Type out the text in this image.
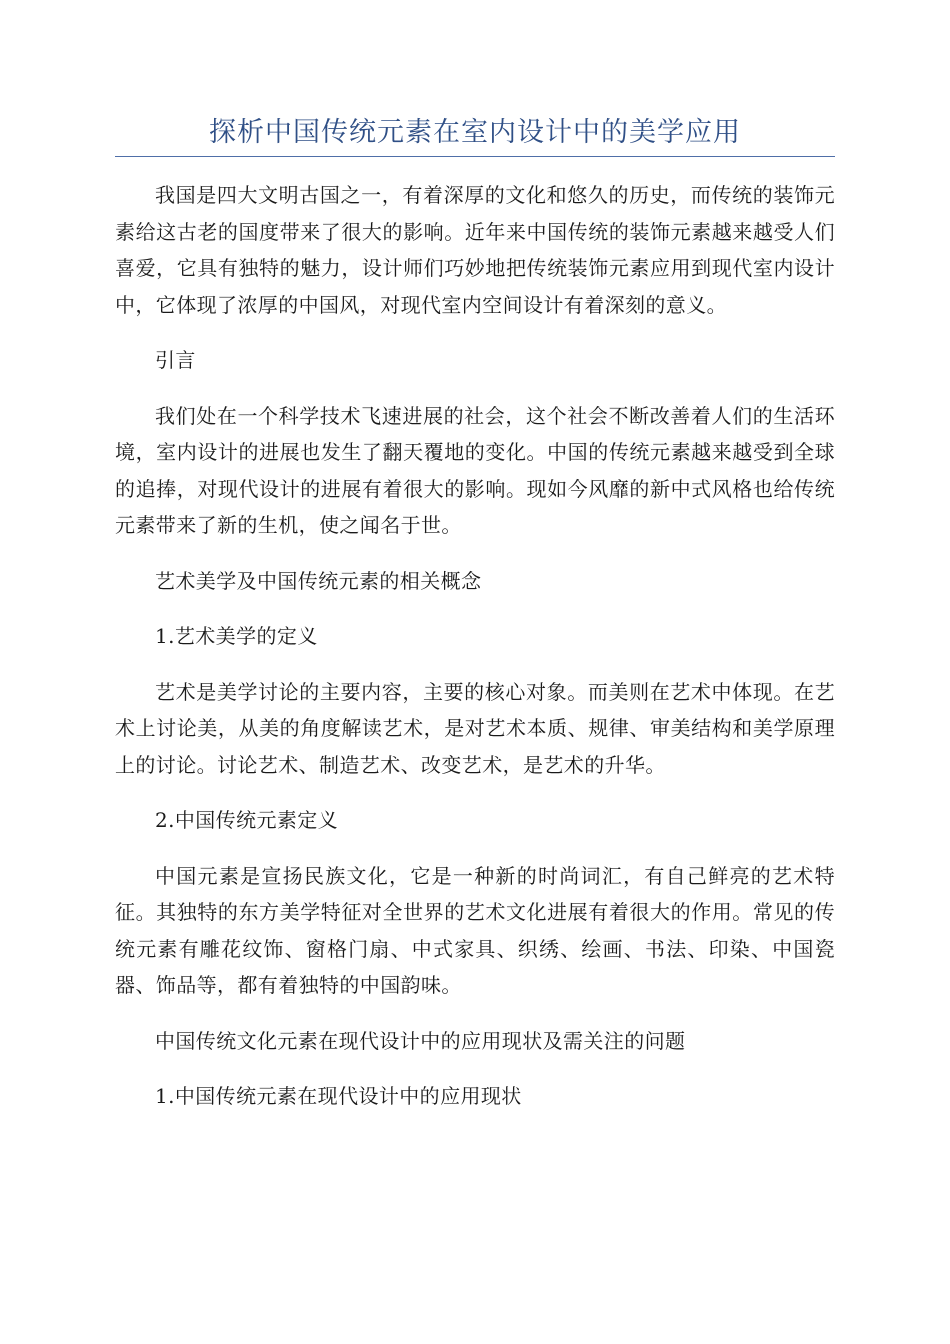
探析中国传统元素在室内设计中的美学应用

我国是四大文明古国之一，有着深厚的文化和悠久的历史，而传统的装饰元素给这古老的国度带来了很大的影响。近年来中国传统的装饰元素越来越受人们喜爱，它具有独特的魅力，设计师们巧妙地把传统装饰元素应用到现代室内设计中，它体现了浓厚的中国风，对现代室内空间设计有着深刻的意义。

引言

我们处在一个科学技术飞速进展的社会，这个社会不断改善着人们的生活环境，室内设计的进展也发生了翻天覆地的变化。中国的传统元素越来越受到全球的追捧，对现代设计的进展有着很大的影响。现如今风靡的新中式风格也给传统元素带来了新的生机，使之闻名于世。

艺术美学及中国传统元素的相关概念

1.艺术美学的定义

艺术是美学讨论的主要内容，主要的核心对象。而美则在艺术中体现。在艺术上讨论美，从美的角度解读艺术，是对艺术本质、规律、审美结构和美学原理上的讨论。讨论艺术、制造艺术、改变艺术，是艺术的升华。

2.中国传统元素定义

中国元素是宣扬民族文化，它是一种新的时尚词汇，有自己鲜亮的艺术特征。其独特的东方美学特征对全世界的艺术文化进展有着很大的作用。常见的传统元素有雕花纹饰、窗格门扇、中式家具、织绣、绘画、书法、印染、中国瓷器、饰品等，都有着独特的中国韵味。

中国传统文化元素在现代设计中的应用现状及需关注的问题

1.中国传统元素在现代设计中的应用现状
